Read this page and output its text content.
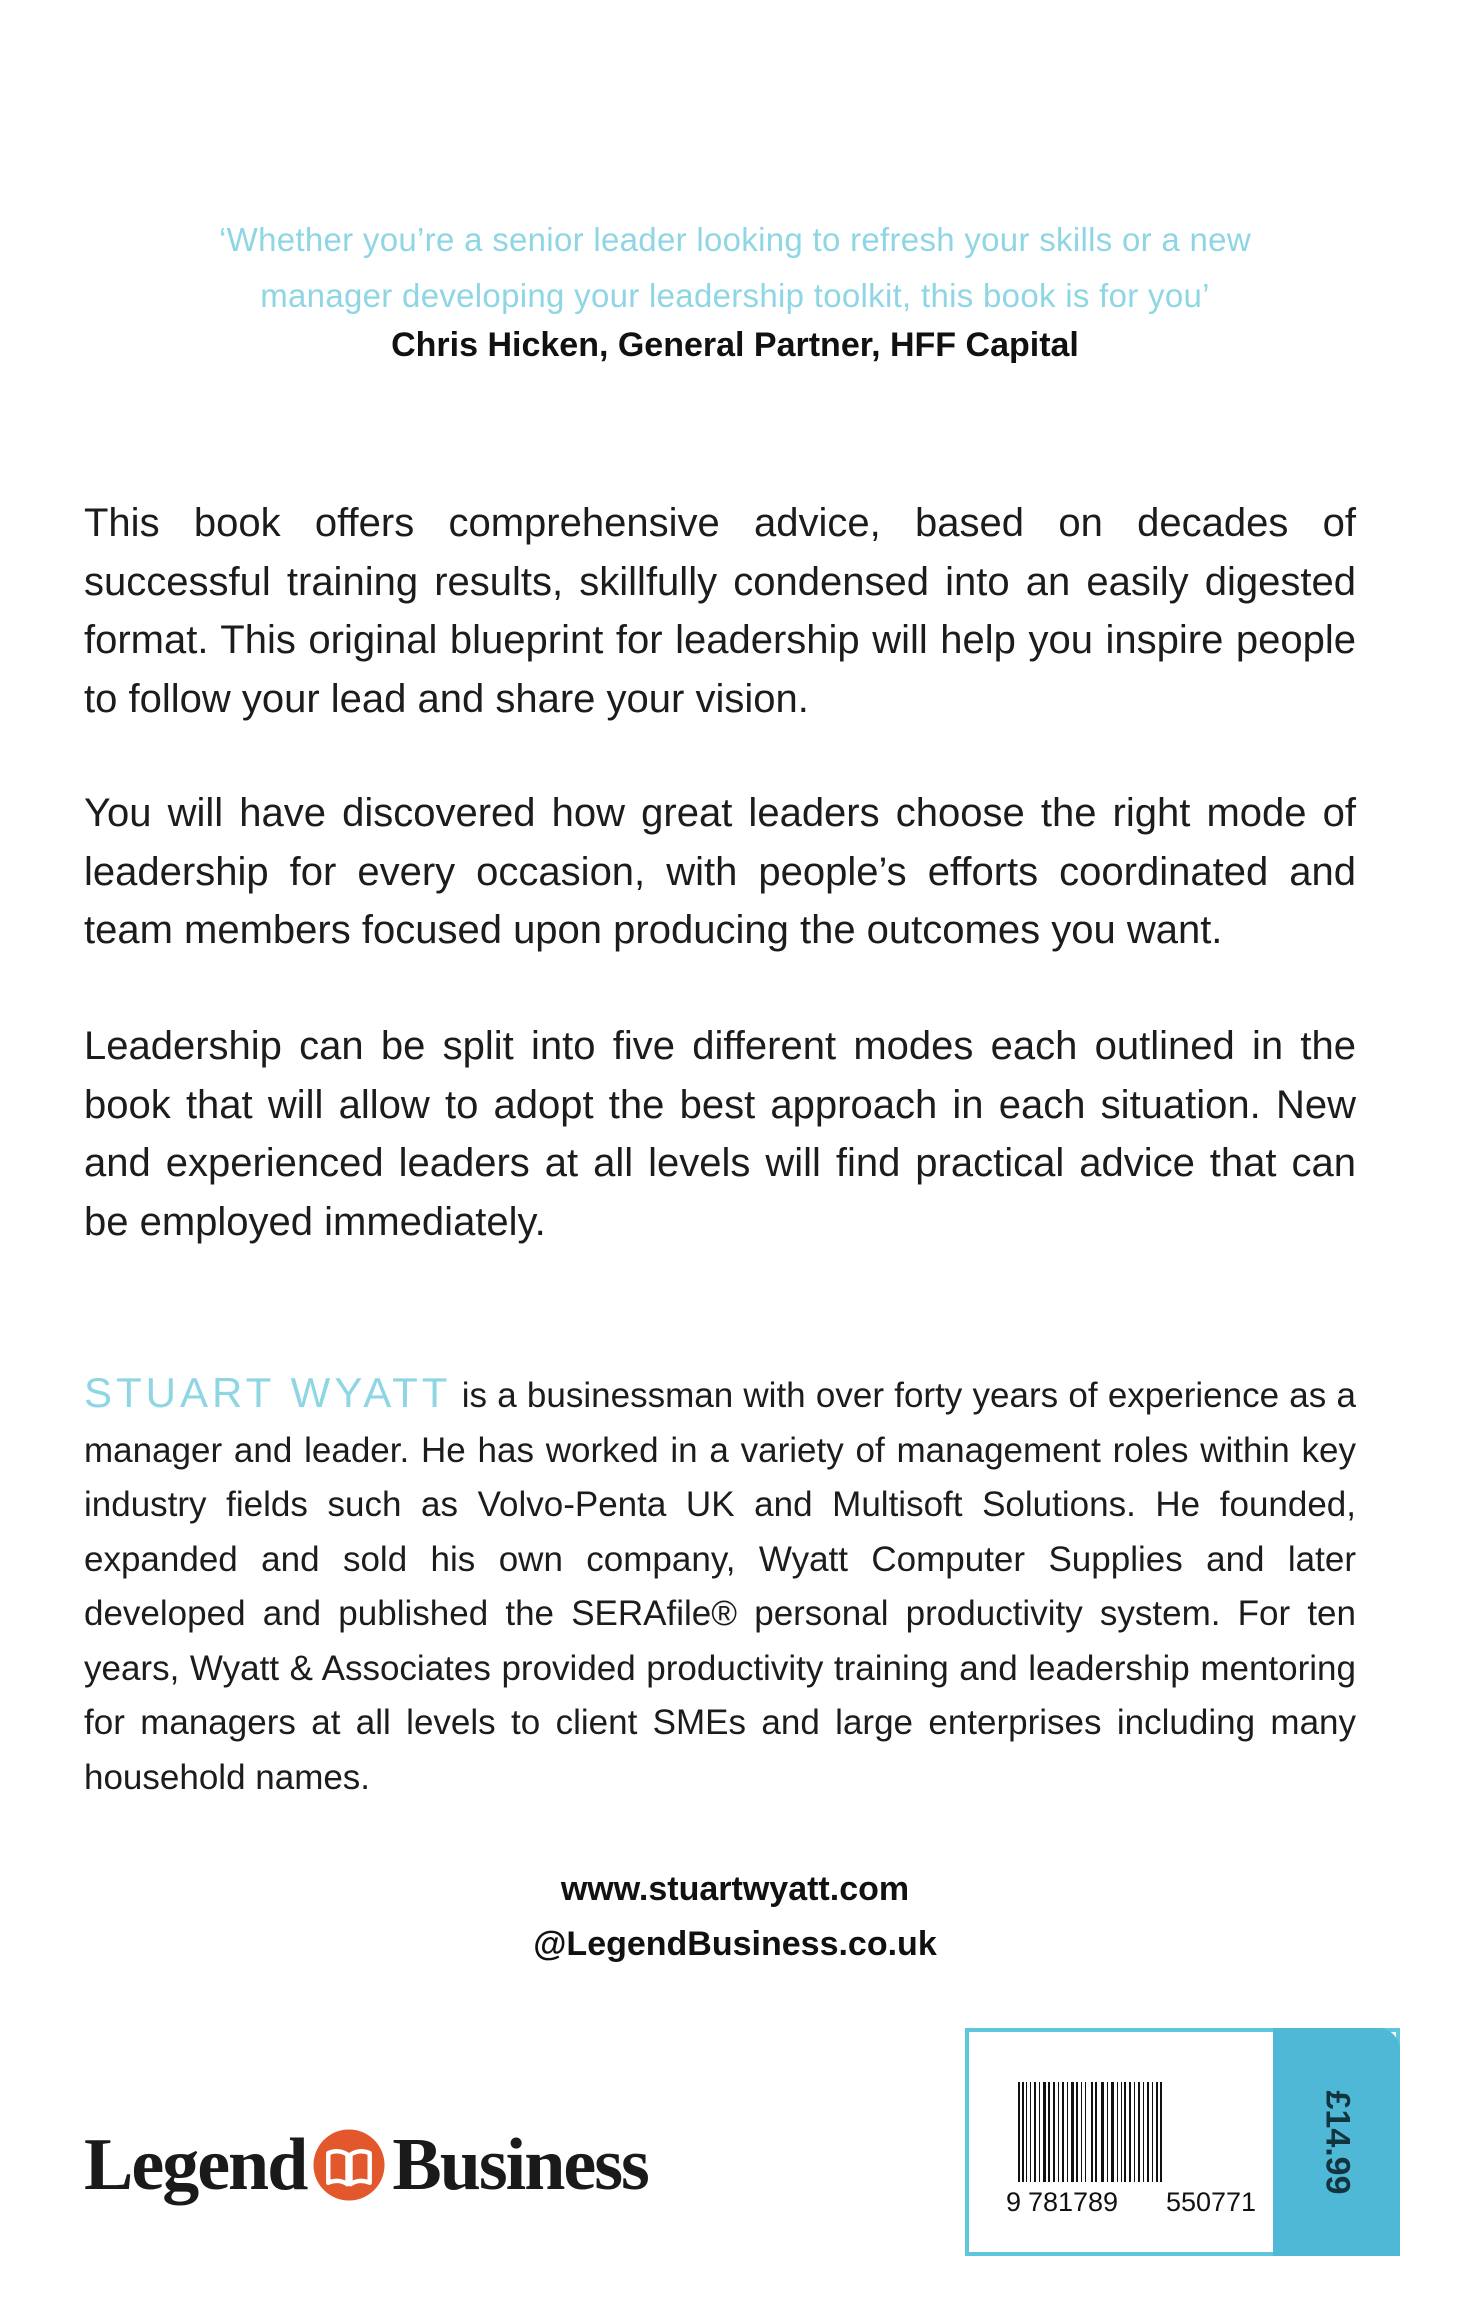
‘Whether you’re a senior leader looking to refresh your skills or a new
manager developing your leadership toolkit, this book is for you’
Chris Hicken, General Partner, HFF Capital

This book offers comprehensive advice, based on decades of successful training results, skillfully condensed into an easily digested format. This original blueprint for leadership will help you inspire people to follow your lead and share your vision.

You will have discovered how great leaders choose the right mode of leadership for every occasion, with people’s efforts coordinated and team members focused upon producing the outcomes you want.

Leadership can be split into five different modes each outlined in the book that will allow to adopt the best approach in each situation. New and experienced leaders at all levels will find practical advice that can be employed immediately.

STUART WYATT is a businessman with over forty years of experience as a manager and leader. He has worked in a variety of management roles within key industry fields such as Volvo-Penta UK and Multisoft Solutions. He founded, expanded and sold his own company, Wyatt Computer Supplies and later developed and published the SERAfile® personal productivity system. For ten years, Wyatt & Associates provided productivity training and leadership mentoring for managers at all levels to client SMEs and large enterprises including many household names.

www.stuartwyatt.com
@LegendBusiness.co.uk
Legend Business	£14.99
9 781789 550771
